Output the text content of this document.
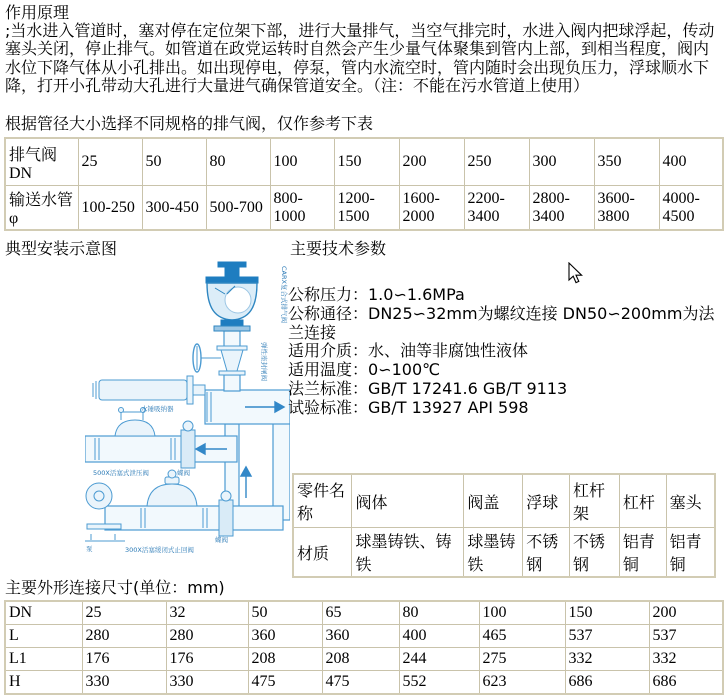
作用原理
;当水进入管道时，塞对停在定位架下部，进行大量排气，当空气排完时，水进入阀内把球浮起，传动塞头关闭，停止排气。如管道在政党运转时自然会产生少量气体聚集到管内上部，到相当程度，阀内水位下降气体从小孔排出。如出现停电，停泵，管内水流空时，管内随时会出现负压力，浮球顺水下降，打开小孔带动大孔进行大量进气确保管道安全。（注：不能在污水管道上使用）
根据管径大小选择不同规格的排气阀，仅作参考下表
排气阀 DN	25	50	80	100	150	200	250	300	350	400
输送水管 φ	100-250	300-450	500-700	800-1000	1200-1500	1600-2000	2200-3400	2800-3400	3600-3800	4000-4500
典型安装示意图	主要技术参数
水锤吸纳器
500X活塞式泄压阀	蝶阀
300X活塞缓闭式止回阀
蝶阀
泵
CARX复合式排气阀
弹性座封闸阀
公称压力：1.0∽1.6MPa
公称通径：DN25∽32mm为螺纹连接 DN50∽200mm为法兰连接
适用介质：水、油等非腐蚀性液体
适用温度：0∽100℃
法兰标准：GB/T 17241.6 GB/T 9113
试验标准：GB/T 13927 API 598
零件名称	阀体	阀盖	浮球	杠杆架	杠杆	塞头
材质	球墨铸铁、铸铁	球墨铸铁	不锈钢	不锈钢	铝青铜	铝青铜
主要外形连接尺寸(单位：mm)
DN	25	32	50	65	80	100	150	200
L	280	280	360	360	400	465	537	537
L1	176	176	208	208	244	275	332	332
H	330	330	475	475	552	623	686	686
